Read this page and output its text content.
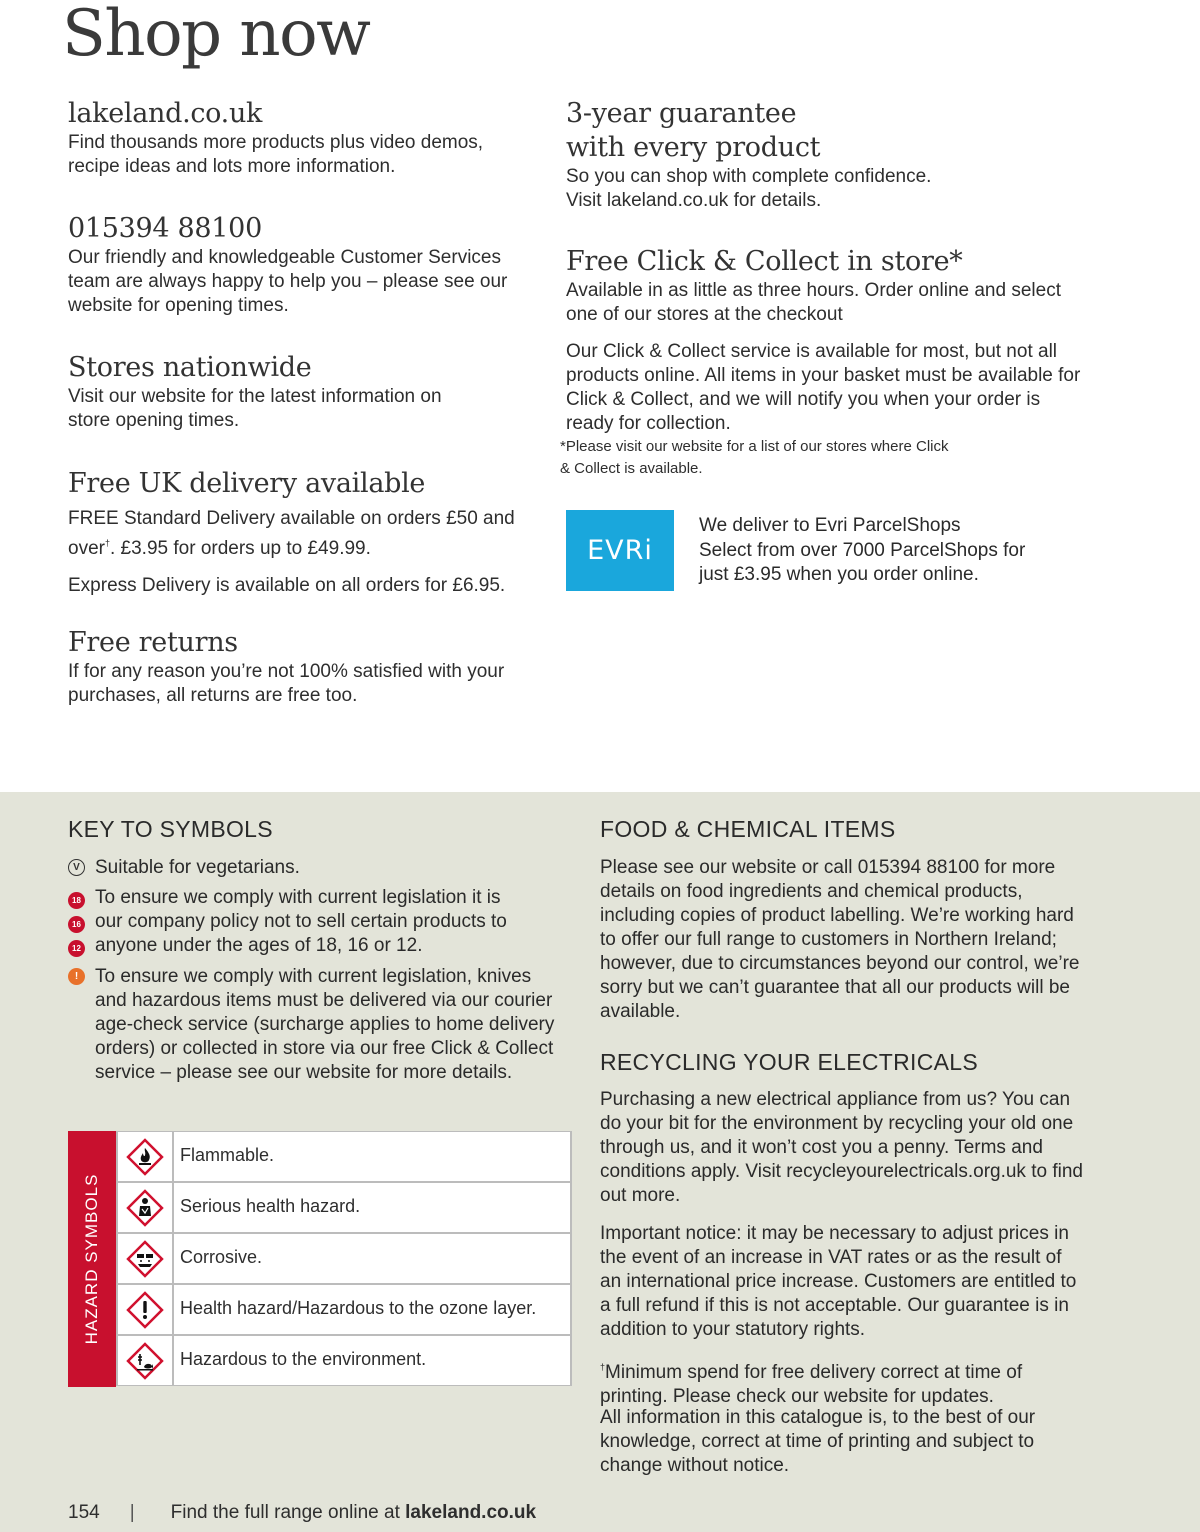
Shop now
lakeland.co.uk

Find thousands more products plus video demos, recipe ideas and lots more information.

015394 88100

Our friendly and knowledgeable Customer Services team are always happy to help you – please see our website for opening times.

Stores nationwide

Visit our website for the latest information on store opening times.

Free UK delivery available

FREE Standard Delivery available on orders £50 and over†. £3.95 for orders up to £49.99.

Express Delivery is available on all orders for £6.95.

Free returns

If for any reason you’re not 100% satisfied with your purchases, all returns are free too.

3-year guarantee with every product

So you can shop with complete confidence. Visit lakeland.co.uk for details.

Free Click & Collect in store*

Available in as little as three hours. Order online and select one of our stores at the checkout

Our Click & Collect service is available for most, but not all products online. All items in your basket must be available for Click & Collect, and we will notify you when your order is ready for collection.

*Please visit our website for a list of our stores where Click & Collect is available.

EVRi

We deliver to Evri ParcelShops

Select from over 7000 ParcelShops for just £3.95 when you order online.

KEY TO SYMBOLS
V Suitable for vegetarians.
18
16
12
To ensure we comply with current legislation it is
our company policy not to sell certain products to
anyone under the ages of 18, 16 or 12.
! To ensure we comply with current legislation, knives and hazardous items must be delivered via our courier age-check service (surcharge applies to home delivery orders) or collected in store via our free Click & Collect service – please see our website for more details.
FOOD & CHEMICAL ITEMS

Please see our website or call 015394 88100 for more details on food ingredients and chemical products, including copies of product labelling. We’re working hard to offer our full range to customers in Northern Ireland; however, due to circumstances beyond our control, we’re sorry but we can’t guarantee that all our products will be available.

RECYCLING YOUR ELECTRICALS

Purchasing a new electrical appliance from us? You can do your bit for the environment by recycling your old one through us, and it won’t cost you a penny. Terms and conditions apply. Visit recycleyourelectricals.org.uk to find out more.

Important notice: it may be necessary to adjust prices in the event of an increase in VAT rates or as the result of an international price increase. Customers are entitled to a full refund if this is not acceptable. Our guarantee is in addition to your statutory rights.

†Minimum spend for free delivery correct at time of printing. Please check our website for updates.

All information in this catalogue is, to the best of our knowledge, correct at time of printing and subject to change without notice.

HAZARD SYMBOLS
Flammable.
Serious health hazard.
Corrosive.
Health hazard/Hazardous to the ozone layer.
Hazardous to the environment.
154 | Find the full range online at lakeland.co.uk
